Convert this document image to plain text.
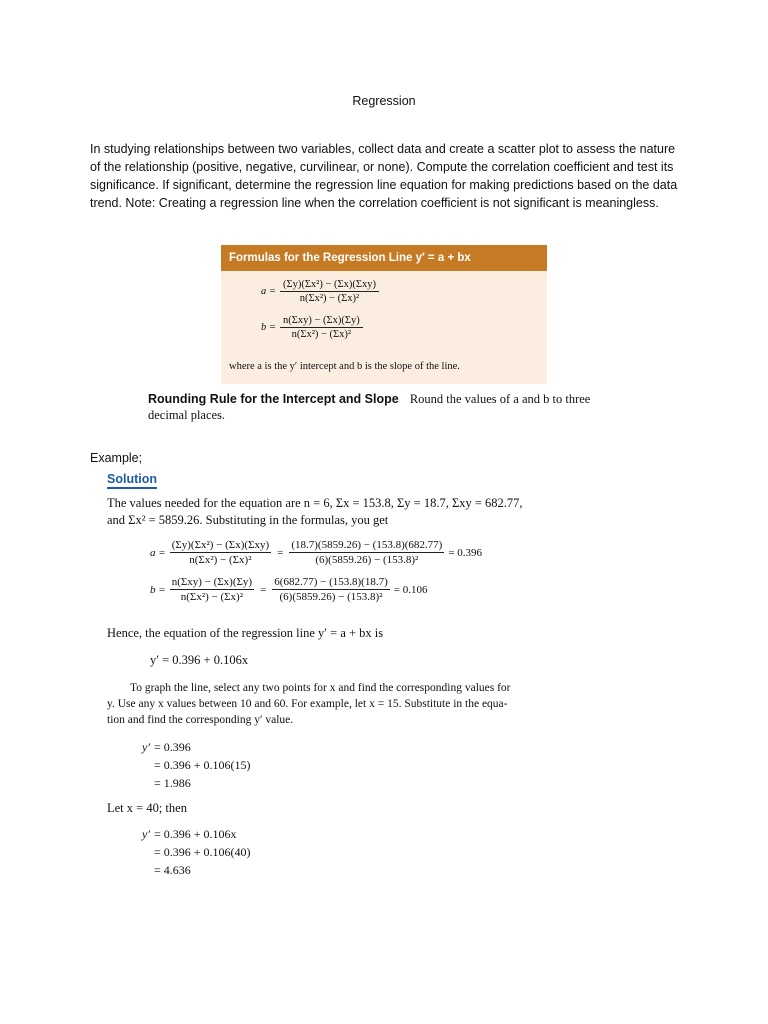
Regression

In studying relationships between two variables, collect data and create a scatter plot to assess the nature of the relationship (positive, negative, curvilinear, or none). Compute the correlation coefficient and test its significance. If significant, determine the regression line equation for making predictions based on the data trend. Note: Creating a regression line when the correlation coefficient is not significant is meaningless.

Formulas for the Regression Line y′ = a + bx
$a = \frac{\text{(Σy)(Σx²) − (Σx)(Σxy)}}{\text{n(Σx²) − (Σx)²}}$
$b = \frac{\text{n(Σxy) − (Σx)(Σy)}}{\text{n(Σx²) − (Σx)²}}$
where a is the y′ intercept and b is the slope of the line.
Rounding Rule for the Intercept and Slope Round the values of a and b to three decimal places.
Example;
Solution
The values needed for the equation are n = 6, Σx = 153.8, Σy = 18.7, Σxy = 682.77,
and Σx² = 5859.26. Substituting in the formulas, you get
$a = \frac{\text{(Σy)(Σx²) − (Σx)(Σxy)}}{\text{n(Σx²) − (Σx)²}} = \frac{(18.7)(5859.26) - (153.8)(682.77)}{\text{(6)(5859.26) − (153.8)²}} = 0.396$
$b = \frac{\text{n(Σxy) − (Σx)(Σy)}}{\text{n(Σx²) − (Σx)²}} = \frac{6(682.77) - (153.8)(18.7)}{\text{(6)(5859.26) − (153.8)²}} = 0.106$
Hence, the equation of the regression line y′ = a + bx is
y′ = 0.396 + 0.106x
To graph the line, select any two points for x and find the corresponding values for
y. Use any x values between 10 and 60. For example, let x = 15. Substitute in the equa-
tion and find the corresponding y′ value.
y′ = 0.396
= 0.396 + 0.106(15)
= 1.986
Let x = 40; then
y′ = 0.396 + 0.106x
= 0.396 + 0.106(40)
= 4.636
